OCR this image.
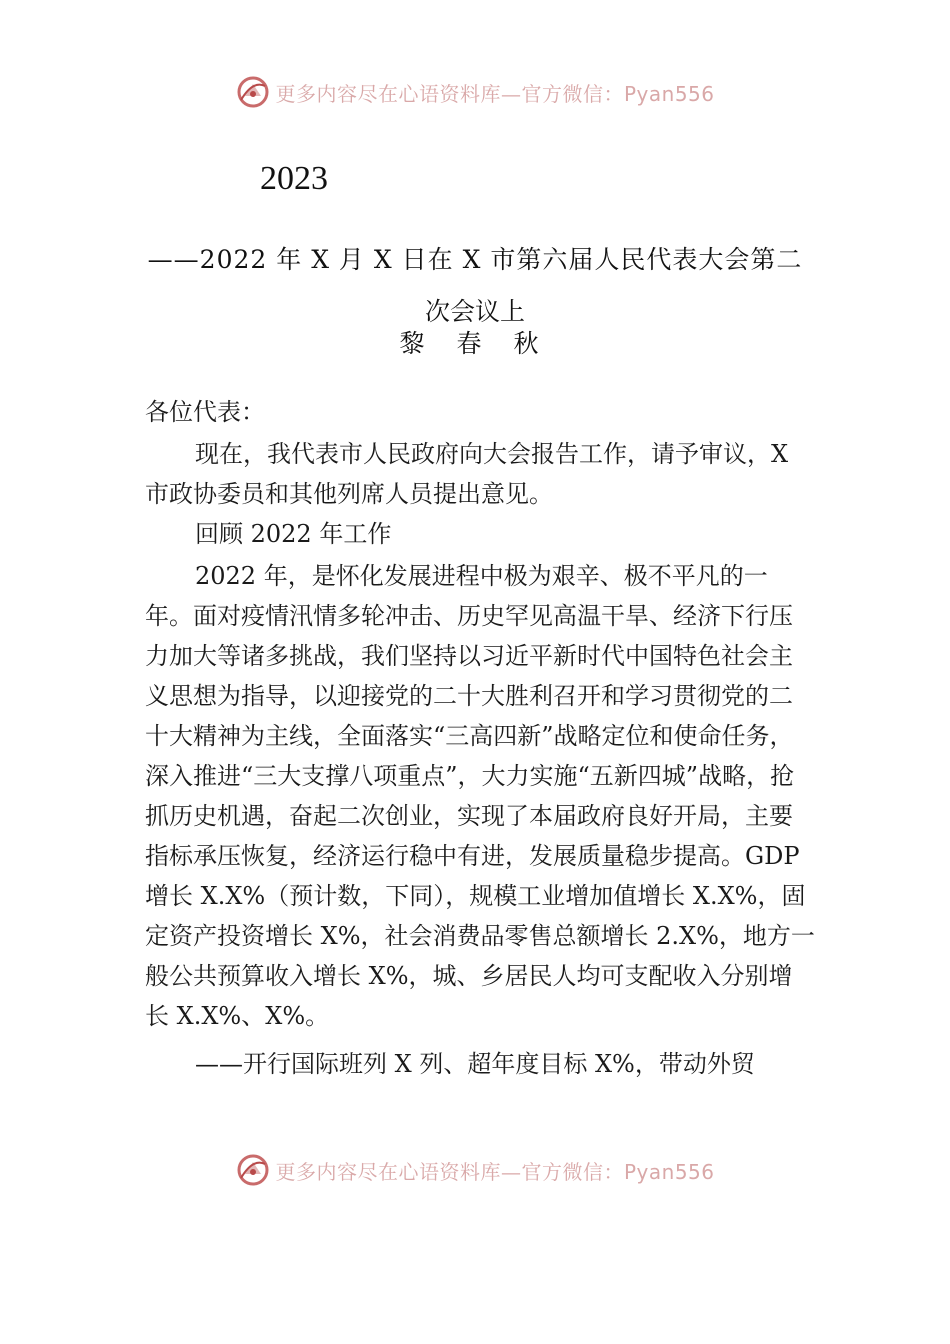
更多内容尽在心语资料库—官方微信：Pyan556
2023
——2022 年 X 月 X 日在 X 市第六届人民代表大会第二
次会议上
黎 春 秋
各位代表：

现在，我代表市人民政府向大会报告工作，请予审议，X 市政协委员和其他列席人员提出意见。

回顾 2022 年工作

2022 年，是怀化发展进程中极为艰辛、极不平凡的一年。面对疫情汛情多轮冲击、历史罕见高温干旱、经济下行压力加大等诸多挑战，我们坚持以习近平新时代中国特色社会主义思想为指导，以迎接党的二十大胜利召开和学习贯彻党的二十大精神为主线，全面落实“三高四新”战略定位和使命任务，深入推进“三大支撑八项重点”，大力实施“五新四城”战略，抢抓历史机遇，奋起二次创业，实现了本届政府良好开局，主要指标承压恢复，经济运行稳中有进，发展质量稳步提高。GDP 增长 X.X%（预计数，下同），规模工业增加值增长 X.X%，固定资产投资增长 X%，社会消费品零售总额增长 2.X%，地方一般公共预算收入增长 X%，城、乡居民人均可支配收入分别增长 X.X%、X%。

——开行国际班列 X 列、超年度目标 X%，带动外贸

更多内容尽在心语资料库—官方微信：Pyan556
